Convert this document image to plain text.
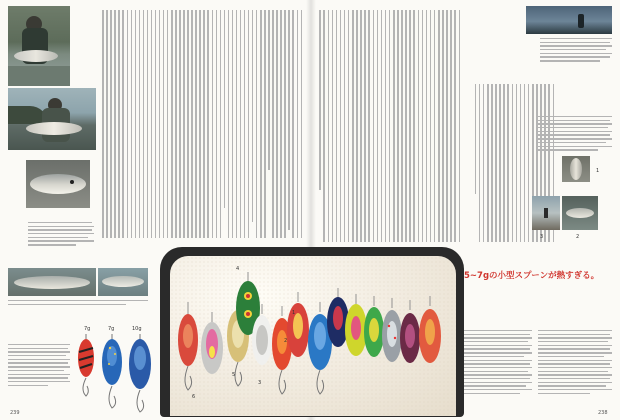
7g	7g	10g
239
1
3	2
5~7gの小型スプーンが熱すぎる。
238
4
5
6
3
2
1
